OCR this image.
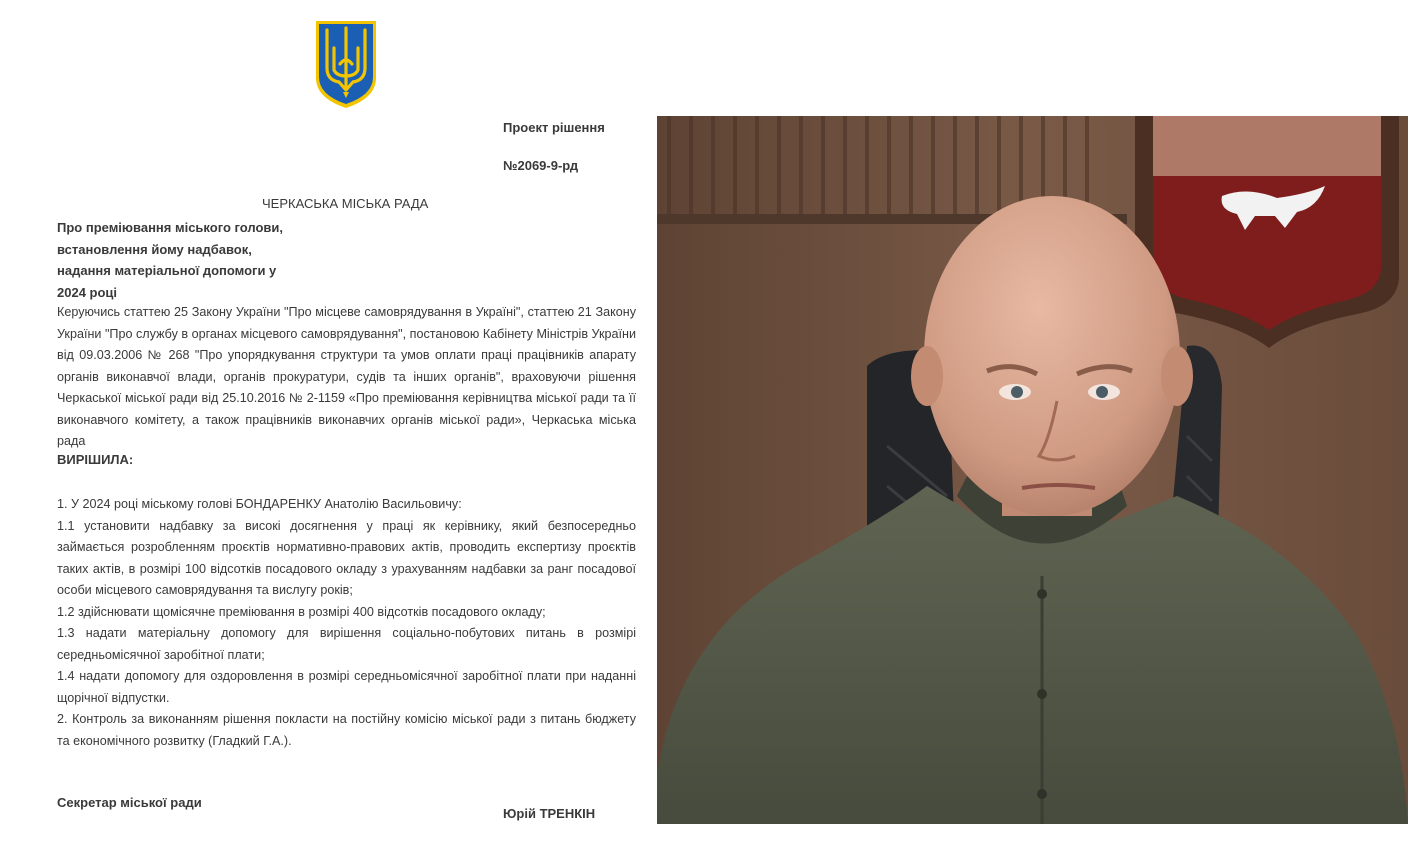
Проект рішення
№2069-9-рд
ЧЕРКАСЬКА МІСЬКА РАДА
Про преміювання міського голови,
встановлення йому надбавок,
надання матеріальної допомоги у
2024 році
Керуючись статтею 25 Закону України "Про місцеве самоврядування в Україні", статтею 21 Закону України "Про службу в органах місцевого самоврядування", постановою Кабінету Міністрів України від 09.03.2006 № 268 "Про упорядкування структури та умов оплати праці працівників апарату органів виконавчої влади, органів прокуратури, судів та інших органів", враховуючи рішення Черкаської міської ради від 25.10.2016 № 2-1159 «Про преміювання керівництва міської ради та її виконавчого комітету, а також працівників виконавчих органів міської ради», Черкаська міська рада
ВИРІШИЛА:

1. У 2024 році міському голові БОНДАРЕНКУ Анатолію Васильовичу:

1.1 установити надбавку за високі досягнення у праці як керівнику, який безпосередньо займається розробленням проєктів нормативно-правових актів, проводить експертизу проєктів таких актів, в розмірі 100 відсотків посадового окладу з урахуванням надбавки за ранг посадової особи місцевого самоврядування та вислугу років;

1.2 здійснювати щомісячне преміювання в розмірі 400 відсотків посадового окладу;

1.3 надати матеріальну допомогу для вирішення соціально-побутових питань в розмірі середньомісячної заробітної плати;

1.4 надати допомогу для оздоровлення в розмірі середньомісячної заробітної плати при наданні щорічної відпустки.

2. Контроль за виконанням рішення покласти на постійну комісію міської ради з питань бюджету та економічного розвитку (Гладкий Г.А.).

Секретар міської ради
Юрій ТРЕНКІН
